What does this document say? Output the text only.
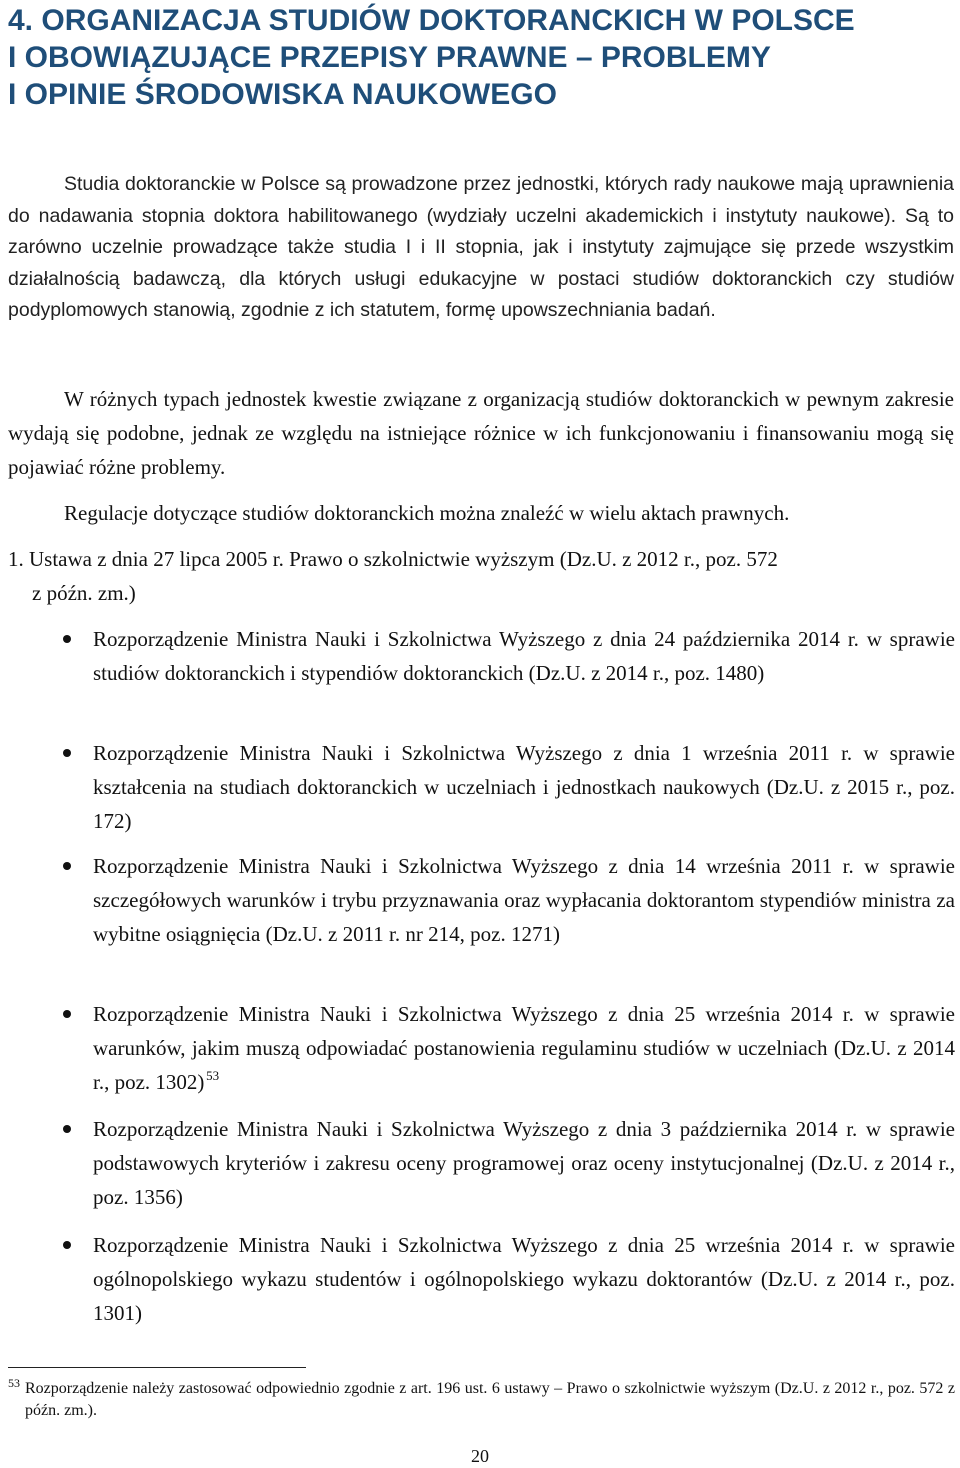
4. ORGANIZACJA STUDIÓW DOKTORANCKICH W POLSCE
I OBOWIĄZUJĄCE PRZEPISY PRAWNE – PROBLEMY
I OPINIE ŚRODOWISKA NAUKOWEGO
Studia doktoranckie w Polsce są prowadzone przez jednostki, których rady naukowe mają uprawnienia do nadawania stopnia doktora habilitowanego (wydziały uczelni akademickich i instytuty naukowe). Są to zarówno uczelnie prowadzące także studia I i II stopnia, jak i instytuty zajmujące się przede wszystkim działalnością badawczą, dla których usługi edukacyjne w postaci studiów doktoranckich czy studiów podyplomowych stanowią, zgodnie z ich statutem, formę upowszechniania badań.
W różnych typach jednostek kwestie związane z organizacją studiów doktoranckich w pewnym zakresie wydają się podobne, jednak ze względu na istniejące różnice w ich funkcjonowaniu i finansowaniu mogą się pojawiać różne problemy.
Regulacje dotyczące studiów doktoranckich można znaleźć w wielu aktach prawnych.
1. Ustawa z dnia 27 lipca 2005 r. Prawo o szkolnictwie wyższym (Dz.U. z 2012 r., poz. 572
z późn. zm.)
Rozporządzenie Ministra Nauki i Szkolnictwa Wyższego z dnia 24 października 2014 r. w sprawie studiów doktoranckich i stypendiów doktoranckich (Dz.U. z 2014 r., poz. 1480)
Rozporządzenie Ministra Nauki i Szkolnictwa Wyższego z dnia 1 września 2011 r. w sprawie kształcenia na studiach doktoranckich w uczelniach i jednostkach naukowych (Dz.U. z 2015 r., poz. 172)
Rozporządzenie Ministra Nauki i Szkolnictwa Wyższego z dnia 14 września 2011 r. w sprawie szczegółowych warunków i trybu przyznawania oraz wypłacania doktorantom stypendiów ministra za wybitne osiągnięcia (Dz.U. z 2011 r. nr 214, poz. 1271)
Rozporządzenie Ministra Nauki i Szkolnictwa Wyższego z dnia 25 września 2014 r. w sprawie warunków, jakim muszą odpowiadać postanowienia regulaminu studiów w uczelniach (Dz.U. z 2014 r., poz. 1302)  $^{53}$
Rozporządzenie Ministra Nauki i Szkolnictwa Wyższego z dnia 3 października 2014 r. w sprawie podstawowych kryteriów i zakresu oceny programowej oraz oceny instytucjonalnej (Dz.U. z 2014 r., poz. 1356)
Rozporządzenie Ministra Nauki i Szkolnictwa Wyższego z dnia 25 września 2014 r. w sprawie ogólnopolskiego wykazu studentów i ogólnopolskiego wykazu doktorantów (Dz.U. z 2014 r., poz. 1301)
53 Rozporządzenie należy zastosować odpowiednio zgodnie z art. 196 ust. 6 ustawy – Prawo o szkolnictwie wyższym (Dz.U. z 2012 r., poz. 572 z późn. zm.).
20
